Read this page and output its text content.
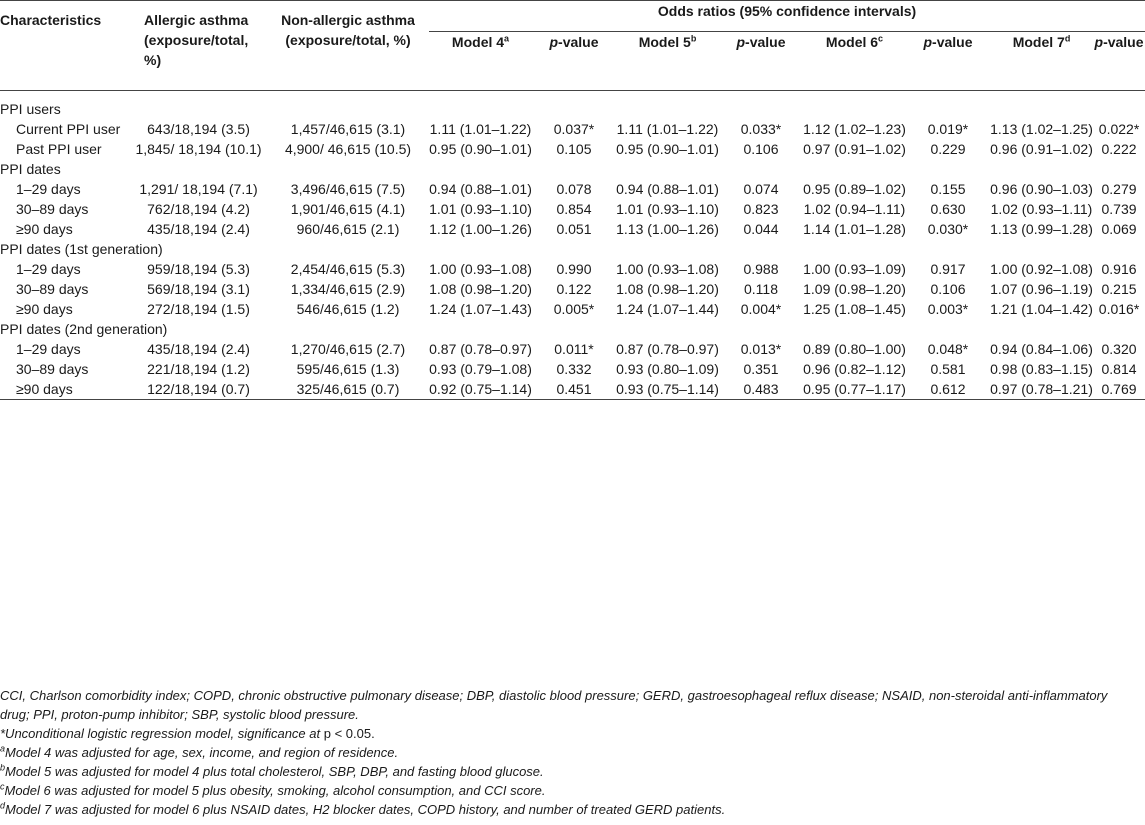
Characteristics	Allergic asthma (exposure/total, %)	Non-allergic asthma (exposure/total, %)	Odds ratios (95% confidence intervals)							
			Model 4$^a$	p-value	Model 5$^b$	p-value	Model 6$^c$	p-value	Model 7$^d$	p-value

PPI users										
Current PPI user	643/18,194 (3.5)	1,457/46,615 (3.1)	1.11 (1.01–1.22)	0.037*	1.11 (1.01–1.22)	0.033*	1.12 (1.02–1.23)	0.019*	1.13 (1.02–1.25)	0.022*
Past PPI user	1,845/ 18,194 (10.1)	4,900/ 46,615 (10.5)	0.95 (0.90–1.01)	0.105	0.95 (0.90–1.01)	0.106	0.97 (0.91–1.02)	0.229	0.96 (0.91–1.02)	0.222
PPI dates										
1–29 days	1,291/ 18,194 (7.1)	3,496/46,615 (7.5)	0.94 (0.88–1.01)	0.078	0.94 (0.88–1.01)	0.074	0.95 (0.89–1.02)	0.155	0.96 (0.90–1.03)	0.279
30–89 days	762/18,194 (4.2)	1,901/46,615 (4.1)	1.01 (0.93–1.10)	0.854	1.01 (0.93–1.10)	0.823	1.02 (0.94–1.11)	0.630	1.02 (0.93–1.11)	0.739
≥90 days	435/18,194 (2.4)	960/46,615 (2.1)	1.12 (1.00–1.26)	0.051	1.13 (1.00–1.26)	0.044	1.14 (1.01–1.28)	0.030*	1.13 (0.99–1.28)	0.069
PPI dates (1st generation)										
1–29 days	959/18,194 (5.3)	2,454/46,615 (5.3)	1.00 (0.93–1.08)	0.990	1.00 (0.93–1.08)	0.988	1.00 (0.93–1.09)	0.917	1.00 (0.92–1.08)	0.916
30–89 days	569/18,194 (3.1)	1,334/46,615 (2.9)	1.08 (0.98–1.20)	0.122	1.08 (0.98–1.20)	0.118	1.09 (0.98–1.20)	0.106	1.07 (0.96–1.19)	0.215
≥90 days	272/18,194 (1.5)	546/46,615 (1.2)	1.24 (1.07–1.43)	0.005*	1.24 (1.07–1.44)	0.004*	1.25 (1.08–1.45)	0.003*	1.21 (1.04–1.42)	0.016*
PPI dates (2nd generation)										
1–29 days	435/18,194 (2.4)	1,270/46,615 (2.7)	0.87 (0.78–0.97)	0.011*	0.87 (0.78–0.97)	0.013*	0.89 (0.80–1.00)	0.048*	0.94 (0.84–1.06)	0.320
30–89 days	221/18,194 (1.2)	595/46,615 (1.3)	0.93 (0.79–1.08)	0.332	0.93 (0.80–1.09)	0.351	0.96 (0.82–1.12)	0.581	0.98 (0.83–1.15)	0.814
≥90 days	122/18,194 (0.7)	325/46,615 (0.7)	0.92 (0.75–1.14)	0.451	0.93 (0.75–1.14)	0.483	0.95 (0.77–1.17)	0.612	0.97 (0.78–1.21)	0.769
CCI, Charlson comorbidity index; COPD, chronic obstructive pulmonary disease; DBP, diastolic blood pressure; GERD, gastroesophageal reflux disease; NSAID, non-steroidal anti-inflammatory drug; PPI, proton-pump inhibitor; SBP, systolic blood pressure.
*Unconditional logistic regression model, significance at p < 0.05.
$^a$Model 4 was adjusted for age, sex, income, and region of residence.
$^b$Model 5 was adjusted for model 4 plus total cholesterol, SBP, DBP, and fasting blood glucose.
$^c$Model 6 was adjusted for model 5 plus obesity, smoking, alcohol consumption, and CCI score.
$^d$Model 7 was adjusted for model 6 plus NSAID dates, H2 blocker dates, COPD history, and number of treated GERD patients.
